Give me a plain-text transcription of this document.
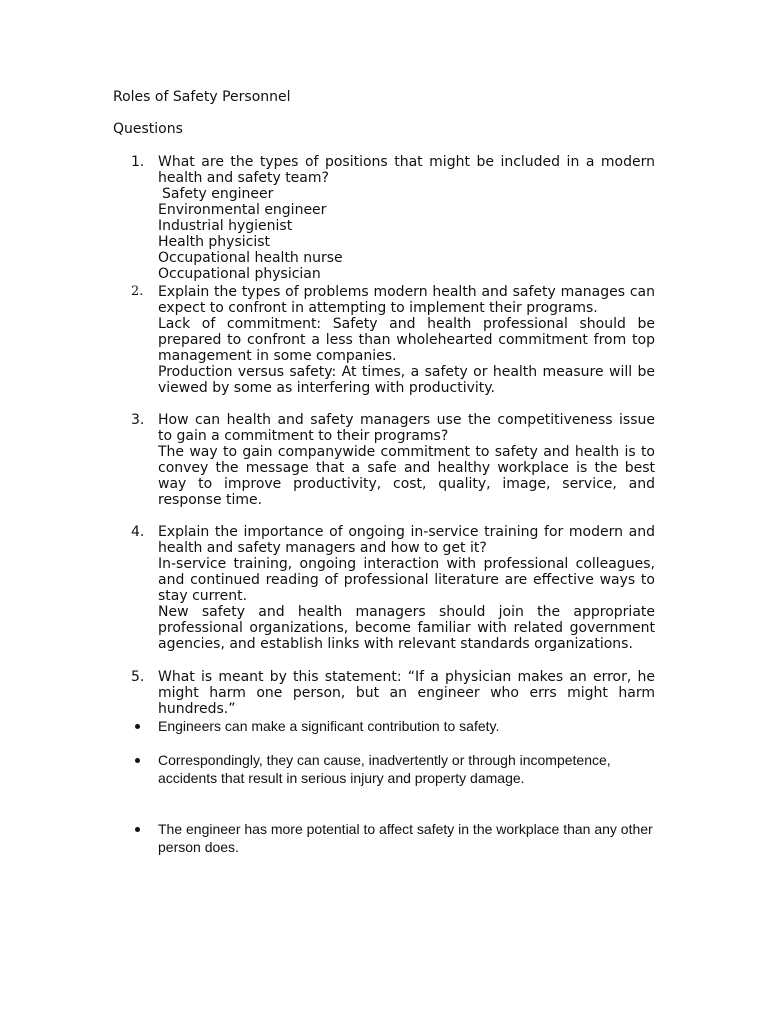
Roles of Safety Personnel
Questions
1. What are the types of positions that might be included in a modern health and safety team?

Safety engineer

Environmental engineer

Industrial hygienist

Health physicist

Occupational health nurse

Occupational physician

2.	Explain the types of problems modern health and safety manages can expect to confront in attempting to implement their programs.

Lack of commitment: Safety and health professional should be prepared to confront a less than wholehearted commitment from top management in some companies.

Production versus safety: At times, a safety or health measure will be viewed by some as interfering with productivity.

3. How can health and safety managers use the competitiveness issue to gain a commitment to their programs?

The way to gain companywide commitment to safety and health is to convey the message that a safe and healthy workplace is the best way to improve productivity, cost, quality, image, service, and response time.

4. Explain the importance of ongoing in-service training for modern and health and safety managers and how to get it?

In-service training, ongoing interaction with professional colleagues, and continued reading of professional literature are effective ways to stay current.

New safety and health managers should join the appropriate professional organizations, become familiar with related government agencies, and establish links with relevant standards organizations.

5. What is meant by this statement: “If a physician makes an error, he might harm one person, but an engineer who errs might harm hundreds.”

Engineers can make a significant contribution to safety.

Correspondingly, they can cause, inadvertently or through incompetence, accidents that result in serious injury and property damage.

The engineer has more potential to affect safety in the workplace than any other person does.
